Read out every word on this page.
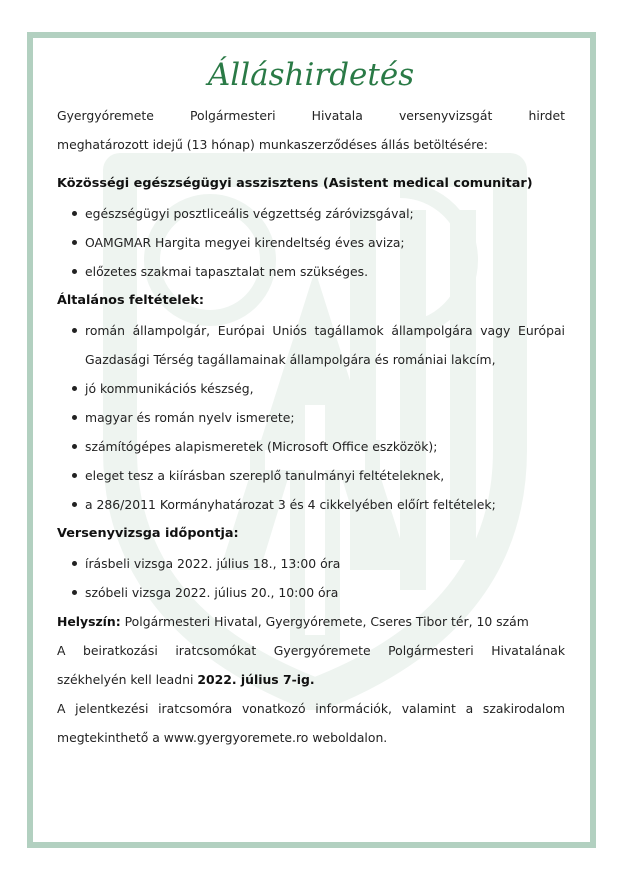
Álláshirdetés
Gyergyóremete Polgármesteri Hivatala versenyvizsgát hirdet
meghatározott idejű (13 hónap) munkaszerződéses állás betöltésére:
Közösségi egészségügyi asszisztens (Asistent medical comunitar)
egészségügyi posztliceális végzettség záróvizsgával;
OAMGMAR Hargita megyei kirendeltség éves aviza;
előzetes szakmai tapasztalat nem szükséges.
Általános feltételek:
román állampolgár, Európai Uniós tagállamok állampolgára vagy Európai Gazdasági Térség tagállamainak állampolgára és romániai lakcím,
jó kommunikációs készség,
magyar és román nyelv ismerete;
számítógépes alapismeretek (Microsoft Office eszközök);
eleget tesz a kiírásban szereplő tanulmányi feltételeknek,
a 286/2011 Kormányhatározat 3 és 4 cikkelyében előírt feltételek;
Versenyvizsga időpontja:
írásbeli vizsga 2022. július 18., 13:00 óra
szóbeli vizsga 2022. július 20., 10:00 óra
Helyszín: Polgármesteri Hivatal, Gyergyóremete, Cseres Tibor tér, 10 szám
A beiratkozási iratcsomókat Gyergyóremete Polgármesteri Hivatalának
székhelyén kell leadni 2022. július 7-ig.
A jelentkezési iratcsomóra vonatkozó információk, valamint a szakirodalom
megtekinthető a www.gyergyoremete.ro weboldalon.
